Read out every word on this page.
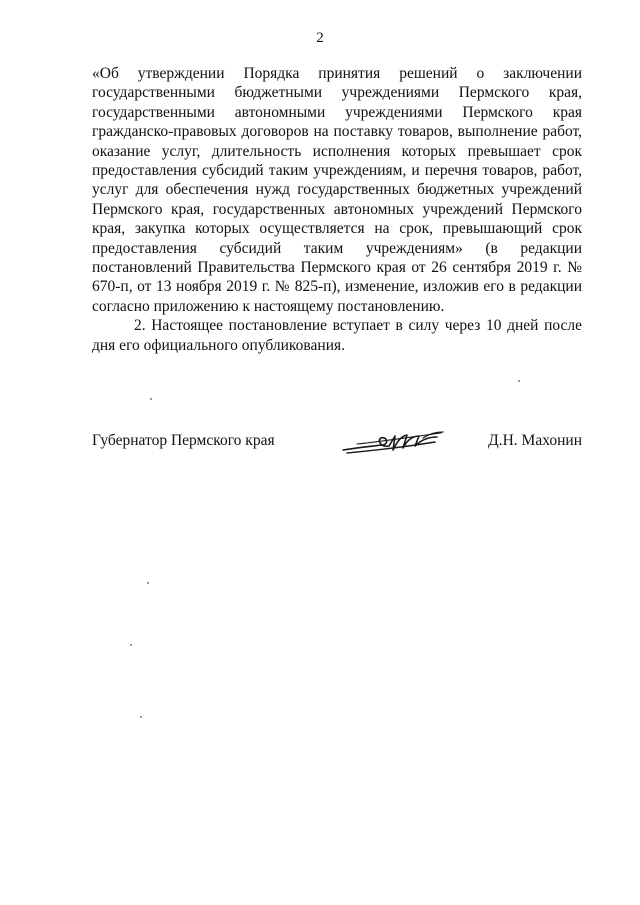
2

«Об утверждении Порядка принятия решений о заключении государственными бюджетными учреждениями Пермского края, государственными автономными учреждениями Пермского края гражданско-правовых договоров на поставку товаров, выполнение работ, оказание услуг, длительность исполнения которых превышает срок предоставления субсидий таким учреждениям, и перечня товаров, работ, услуг для обеспечения нужд государственных бюджетных учреждений Пермского края, государственных автономных учреждений Пермского края, закупка которых осуществляется на срок, превышающий срок предоставления субсидий таким учреждениям» (в редакции постановлений Правительства Пермского края от 26 сентября 2019 г. № 670-п, от 13 ноября 2019 г. № 825-п), изменение, изложив его в редакции согласно приложению к настоящему постановлению.

2. Настоящее постановление вступает в силу через 10 дней после дня его официального опубликования.

Губернатор Пермского края	Д.Н. Махонин
